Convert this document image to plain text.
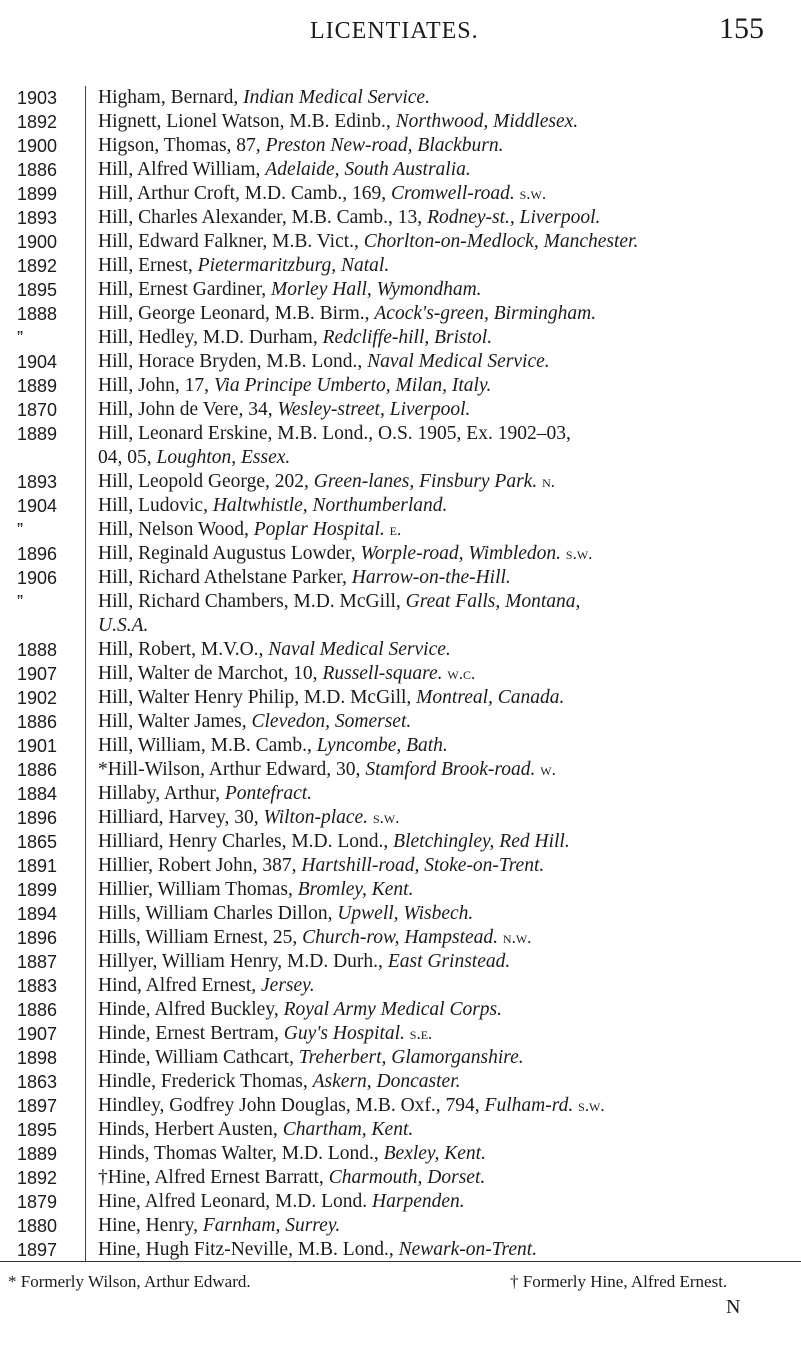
LICENTIATES.	155
1903	Higham, Bernard, Indian Medical Service.
1892	Hignett, Lionel Watson, M.B. Edinb., Northwood, Middlesex.
1900	Higson, Thomas, 87, Preston New-road, Blackburn.
1886	Hill, Alfred William, Adelaide, South Australia.
1899	Hill, Arthur Croft, M.D. Camb., 169, Cromwell-road. s.w.
1893	Hill, Charles Alexander, M.B. Camb., 13, Rodney-st., Liverpool.
1900	Hill, Edward Falkner, M.B. Vict., Chorlton-on-Medlock, Manchester.
1892	Hill, Ernest, Pietermaritzburg, Natal.
1895	Hill, Ernest Gardiner, Morley Hall, Wymondham.
1888	Hill, George Leonard, M.B. Birm., Acock's-green, Birmingham.
”	Hill, Hedley, M.D. Durham, Redcliffe-hill, Bristol.
1904	Hill, Horace Bryden, M.B. Lond., Naval Medical Service.
1889	Hill, John, 17, Via Principe Umberto, Milan, Italy.
1870	Hill, John de Vere, 34, Wesley-street, Liverpool.
1889	Hill, Leonard Erskine, M.B. Lond., O.S. 1905, Ex. 1902–03,
04, 05, Loughton, Essex.
1893	Hill, Leopold George, 202, Green-lanes, Finsbury Park. n.
1904	Hill, Ludovic, Haltwhistle, Northumberland.
”	Hill, Nelson Wood, Poplar Hospital. e.
1896	Hill, Reginald Augustus Lowder, Worple-road, Wimbledon. s.w.
1906	Hill, Richard Athelstane Parker, Harrow-on-the-Hill.
”	Hill, Richard Chambers, M.D. McGill, Great Falls, Montana,
U.S.A.
1888	Hill, Robert, M.V.O., Naval Medical Service.
1907	Hill, Walter de Marchot, 10, Russell-square. w.c.
1902	Hill, Walter Henry Philip, M.D. McGill, Montreal, Canada.
1886	Hill, Walter James, Clevedon, Somerset.
1901	Hill, William, M.B. Camb., Lyncombe, Bath.
1886	*Hill-Wilson, Arthur Edward, 30, Stamford Brook-road. w.
1884	Hillaby, Arthur, Pontefract.
1896	Hilliard, Harvey, 30, Wilton-place. s.w.
1865	Hilliard, Henry Charles, M.D. Lond., Bletchingley, Red Hill.
1891	Hillier, Robert John, 387, Hartshill-road, Stoke-on-Trent.
1899	Hillier, William Thomas, Bromley, Kent.
1894	Hills, William Charles Dillon, Upwell, Wisbech.
1896	Hills, William Ernest, 25, Church-row, Hampstead. n.w.
1887	Hillyer, William Henry, M.D. Durh., East Grinstead.
1883	Hind, Alfred Ernest, Jersey.
1886	Hinde, Alfred Buckley, Royal Army Medical Corps.
1907	Hinde, Ernest Bertram, Guy's Hospital. s.e.
1898	Hinde, William Cathcart, Treherbert, Glamorganshire.
1863	Hindle, Frederick Thomas, Askern, Doncaster.
1897	Hindley, Godfrey John Douglas, M.B. Oxf., 794, Fulham-rd. s.w.
1895	Hinds, Herbert Austen, Chartham, Kent.
1889	Hinds, Thomas Walter, M.D. Lond., Bexley, Kent.
1892	†Hine, Alfred Ernest Barratt, Charmouth, Dorset.
1879	Hine, Alfred Leonard, M.D. Lond. Harpenden.
1880	Hine, Henry, Farnham, Surrey.
1897	Hine, Hugh Fitz-Neville, M.B. Lond., Newark-on-Trent.
* Formerly Wilson, Arthur Edward.	† Formerly Hine, Alfred Ernest.
N
